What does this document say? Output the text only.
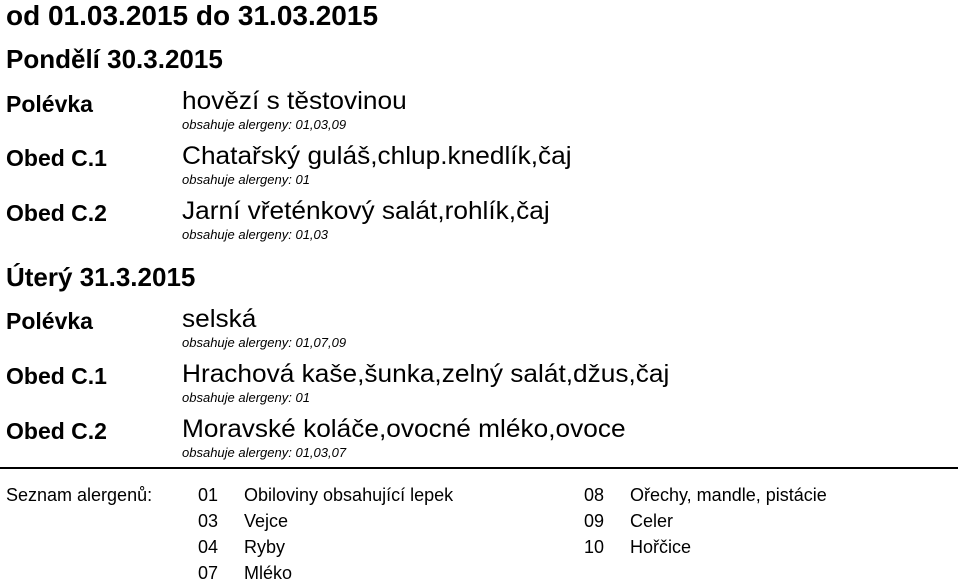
od 01.03.2015 do 31.03.2015
Pondělí 30.3.2015
Polévka	hovězí s těstovinou
obsahuje alergeny: 01,03,09
Obed C.1	Chatařský guláš,chlup.knedlík,čaj
obsahuje alergeny: 01
Obed C.2	Jarní vřeténkový salát,rohlík,čaj
obsahuje alergeny: 01,03
Úterý 31.3.2015
Polévka	selská
obsahuje alergeny: 01,07,09
Obed C.1	Hrachová kaše,šunka,zelný salát,džus,čaj
obsahuje alergeny: 01
Obed C.2	Moravské koláče,ovocné mléko,ovoce
obsahuje alergeny: 01,03,07
Seznam alergenů:	01 Obiloviny obsahující lepek
03 Vejce
04 Ryby
07 Mléko
08 Ořechy, mandle, pistácie
09 Celer
10 Hořčice
